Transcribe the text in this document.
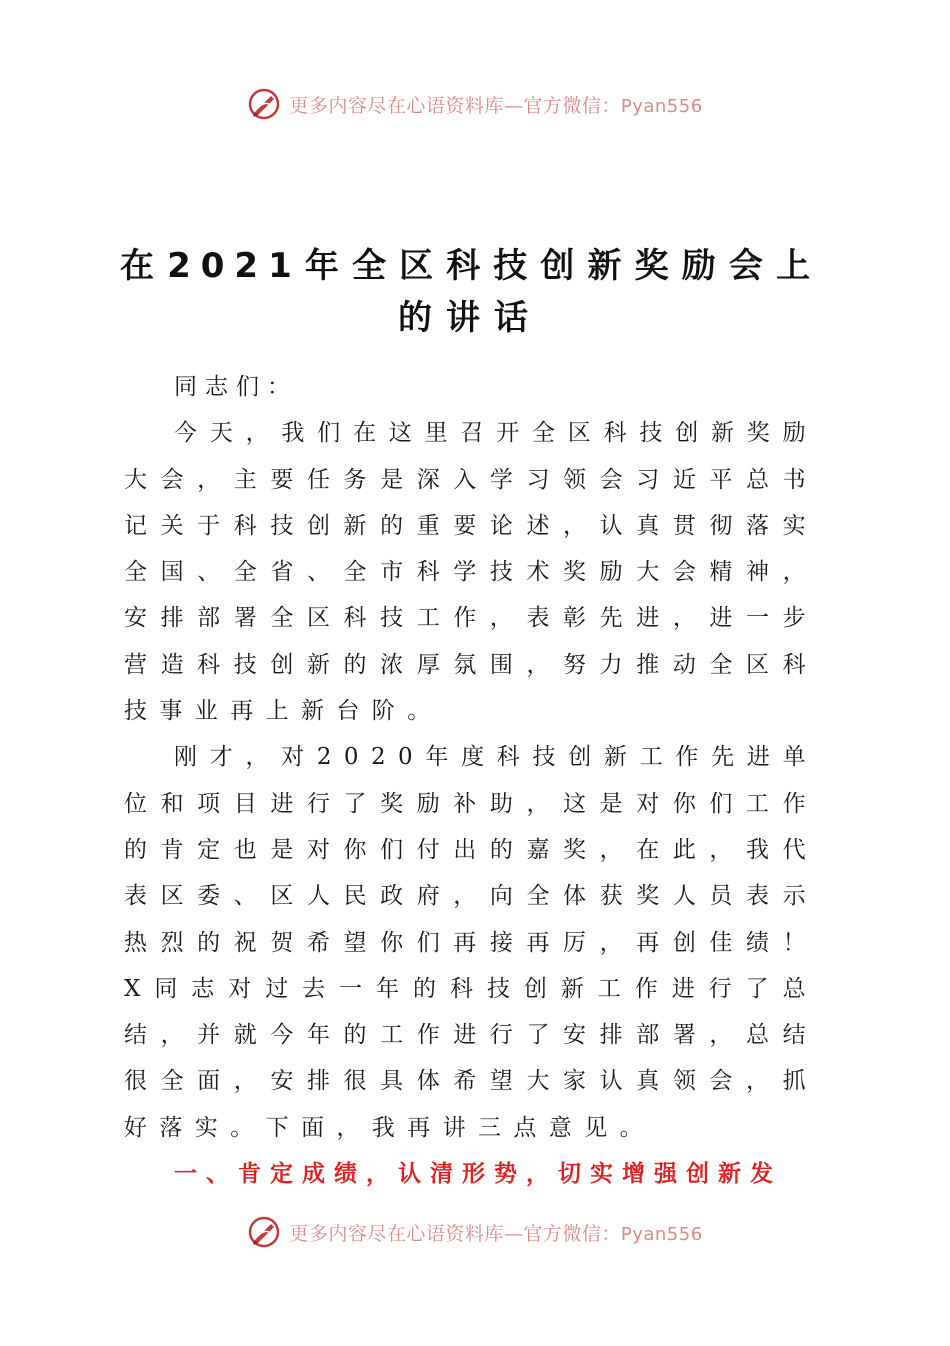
更多内容尽在心语资料库—官方微信：Pyan556
在2021年全区科技创新奖励会上
的讲话

同志们：

今天，我们在这里召开全区科技创新奖励大会，主要任务是深入学习领会习近平总书记关于科技创新的重要论述，认真贯彻落实全国、全省、全市科学技术奖励大会精神，安排部署全区科技工作，表彰先进，进一步营造科技创新的浓厚氛围，努力推动全区科技事业再上新台阶。

刚才，对2020年度科技创新工作先进单位和项目进行了奖励补助，这是对你们工作的肯定也是对你们付出的嘉奖，在此，我代表区委、区人民政府，向全体获奖人员表示热烈的祝贺希望你们再接再厉，再创佳绩！X同志对过去一年的科技创新工作进行了总结，并就今年的工作进行了安排部署，总结很全面，安排很具体希望大家认真领会，抓好落实。下面，我再讲三点意见。

一、肯定成绩，认清形势，切实增强创新发

更多内容尽在心语资料库—官方微信：Pyan556
